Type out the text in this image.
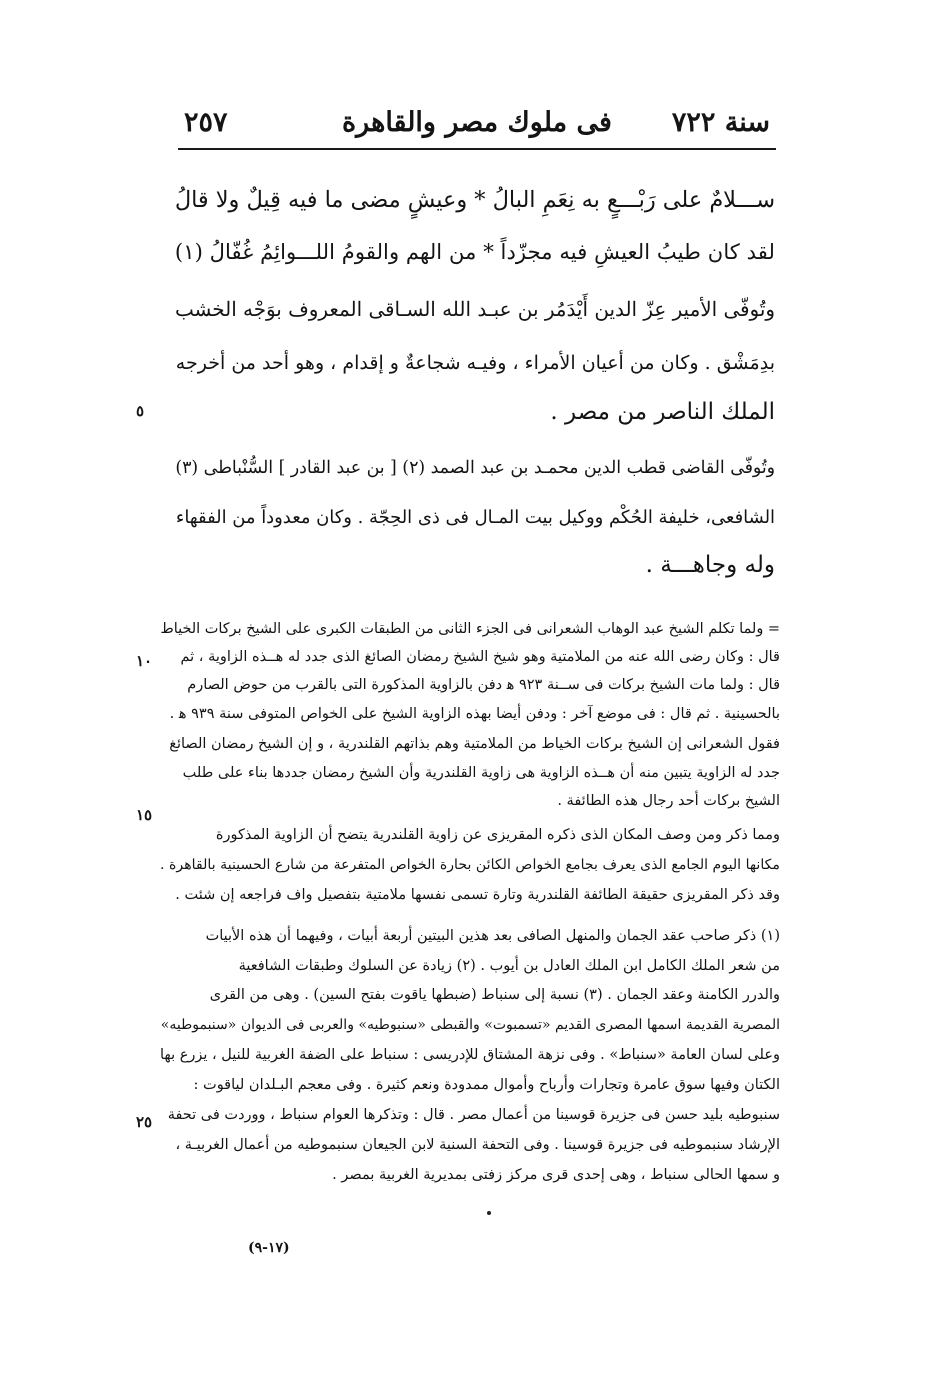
سنة ٧٢٢
فى ملوك مصر والقاهرة
٢٥٧
ســـلامٌ على رَبْـــعٍ به نِعَمِ البالُ * وعيشٍ مضى ما فيه قِيلٌ ولا قالُ
لقد كان طيبُ العيشِ فيه مجزّداً * من الهم والقومُ اللـــوائِمُ غُفّالُ (١)
وتُوفّى الأمير عِزّ الدين أَيْدَمُر بن عبـد الله السـاقى المعروف بوَجْه الخشب
بدِمَشْق . وكان من أعيان الأمراء ، وفيـه شجاعةٌ و إقدام ، وهو أحد من أخرجه
الملك الناصر من مصر .
وتُوفّى القاضى قطب الدين محمـد بن عبد الصمد (٢) [ بن عبد القادر ] السُّنْباطى (٣)
الشافعى، خليفة الحُكْم ووكيل بيت المـال فى ذى الحِجّة . وكان معدوداً من الفقهاء
وله وجاهـــة .
= ولما تكلم الشيخ عبد الوهاب الشعرانى فى الجزء الثانى من الطبقات الكبرى على الشيخ بركات الخياط
قال : وكان رضى الله عنه من الملامتية وهو شيخ الشيخ رمضان الصائغ الذى جدد له هــذه الزاوية ، ثم
قال : ولما مات الشيخ بركات فى ســنة ٩٢٣ ﻫ دفن بالزاوية المذكورة التى بالقرب من حوض الصارم
بالحسينية . ثم قال : فى موضع آخر : ودفن أيضا بهذه الزاوية الشيخ على الخواص المتوفى سنة ٩٣٩ ﻫ .
فقول الشعرانى إن الشيخ بركات الخياط من الملامتية وهم بذاتهم القلندرية ، و إن الشيخ رمضان الصائغ
جدد له الزاوية يتبين منه أن هــذه الزاوية هى زاوية القلندرية وأن الشيخ رمضان جددها بناء على طلب
الشيخ بركات أحد رجال هذه الطائفة .
ومما ذكر ومن وصف المكان الذى ذكره المقريزى عن زاوية القلندرية يتضح أن الزاوية المذكورة
مكانها اليوم الجامع الذى يعرف بجامع الخواص الكائن بحارة الخواص المتفرعة من شارع الحسينية بالقاهرة .
وقد ذكر المقريزى حقيقة الطائفة القلندرية وتارة تسمى نفسها ملامتية بتفصيل واف فراجعه إن شئت .
(١) ذكر صاحب عقد الجمان والمنهل الصافى بعد هذين البيتين أربعة أبيات ، وفيهما أن هذه الأبيات
من شعر الملك الكامل ابن الملك العادل بن أيوب . (٢) زيادة عن السلوك وطبقات الشافعية
والدرر الكامنة وعقد الجمان . (٣) نسبة إلى سنباط (ضبطها ياقوت بفتح السين) . وهى من القرى
المصرية القديمة اسمها المصرى القديم «تسمبوت» والقبطى «سنبوطيه» والعربى فى الديوان «سنبموطيه»
وعلى لسان العامة «سنباط» . وفى نزهة المشتاق للإدريسى : سنباط على الضفة الغربية للنيل ، يزرع بها
الكتان وفيها سوق عامرة وتجارات وأرباح وأموال ممدودة ونعم كثيرة . وفى معجم البـلدان لياقوت :
سنبوطيه بليد حسن فى جزيرة قوسينا من أعمال مصر . قال : وتذكرها العوام سنباط ، ووردت فى تحفة
الإرشاد سنبموطيه فى جزيرة قوسينا . وفى التحفة السنية لابن الجيعان سنبموطيه من أعمال الغربيـة ،
و سمها الحالى سنباط ، وهى إحدى قرى مركز زفتى بمديرية الغربية بمصر .
٥
١٠
١٥
٢٥
(١٧-٩)
